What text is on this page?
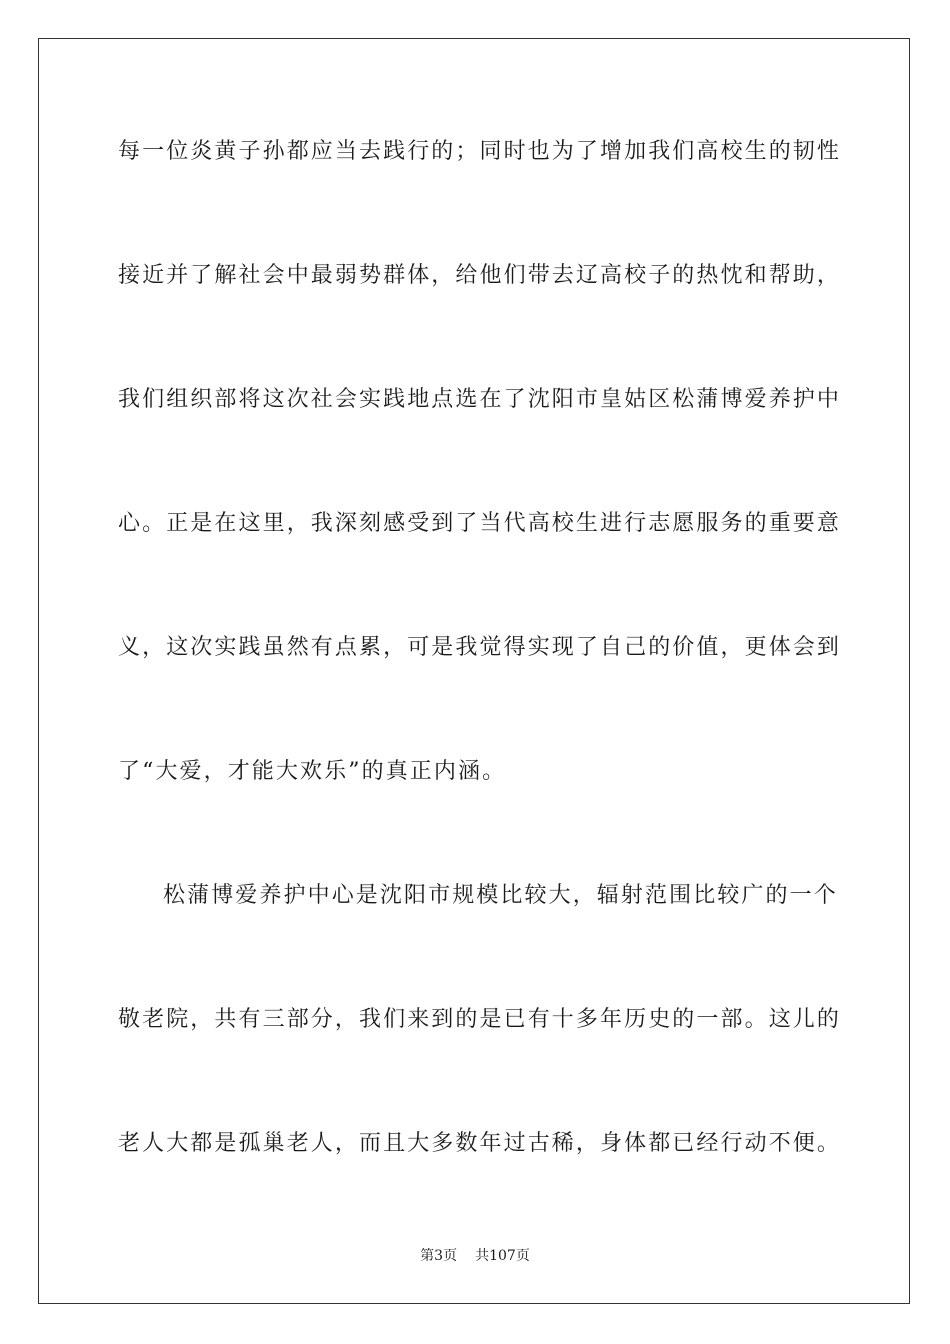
每一位炎黄子孙都应当去践行的；同时也为了增加我们高校生的韧性
接近并了解社会中最弱势群体，给他们带去辽高校子的热忱和帮助，
我们组织部将这次社会实践地点选在了沈阳市皇姑区松蒲博爱养护中
心。正是在这里，我深刻感受到了当代高校生进行志愿服务的重要意
义，这次实践虽然有点累，可是我觉得实现了自己的价值，更体会到
了“大爱，才能大欢乐”的真正内涵。
松蒲博爱养护中心是沈阳市规模比较大，辐射范围比较广的一个
敬老院，共有三部分，我们来到的是已有十多年历史的一部。这儿的
老人大都是孤巢老人，而且大多数年过古稀，身体都已经行动不便。
第3页 共107页
